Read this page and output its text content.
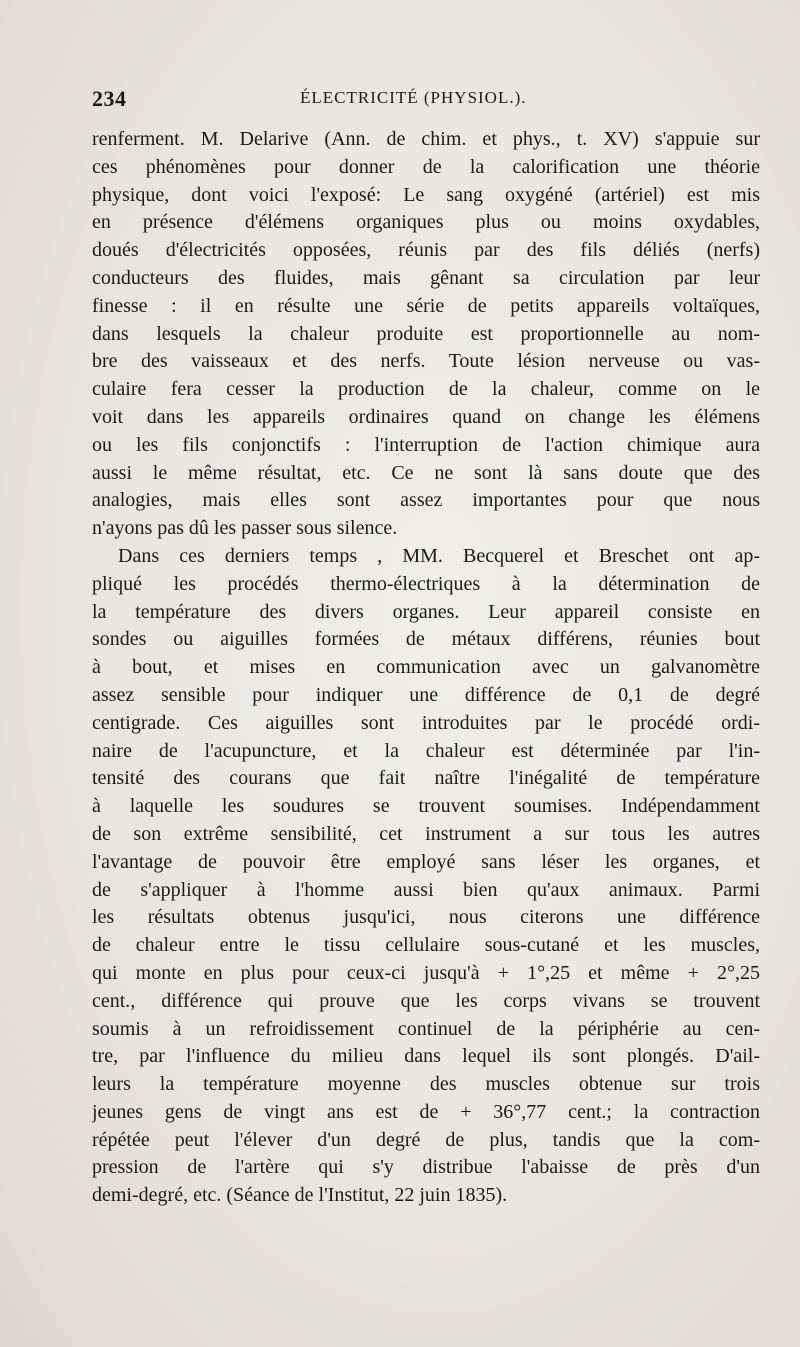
234	ÉLECTRICITÉ (PHYSIOL.).
renferment. M. Delarive (Ann. de chim. et phys., t. XV) s'appuie sur
ces phénomènes pour donner de la calorification une théorie
physique, dont voici l'exposé: Le sang oxygéné (artériel) est mis
en présence d'élémens organiques plus ou moins oxydables,
doués d'électricités opposées, réunis par des fils déliés (nerfs)
conducteurs des fluides, mais gênant sa circulation par leur
finesse : il en résulte une série de petits appareils voltaïques,
dans lesquels la chaleur produite est proportionnelle au nom-
bre des vaisseaux et des nerfs. Toute lésion nerveuse ou vas-
culaire fera cesser la production de la chaleur, comme on le
voit dans les appareils ordinaires quand on change les élémens
ou les fils conjonctifs : l'interruption de l'action chimique aura
aussi le même résultat, etc. Ce ne sont là sans doute que des
analogies, mais elles sont assez importantes pour que nous
n'ayons pas dû les passer sous silence.
Dans ces derniers temps , MM. Becquerel et Breschet ont ap-
pliqué les procédés thermo-électriques à la détermination de
la température des divers organes. Leur appareil consiste en
sondes ou aiguilles formées de métaux différens, réunies bout
à bout, et mises en communication avec un galvanomètre
assez sensible pour indiquer une différence de 0,1 de degré
centigrade. Ces aiguilles sont introduites par le procédé ordi-
naire de l'acupuncture, et la chaleur est déterminée par l'in-
tensité des courans que fait naître l'inégalité de température
à laquelle les soudures se trouvent soumises. Indépendamment
de son extrême sensibilité, cet instrument a sur tous les autres
l'avantage de pouvoir être employé sans léser les organes, et
de s'appliquer à l'homme aussi bien qu'aux animaux. Parmi
les résultats obtenus jusqu'ici, nous citerons une différence
de chaleur entre le tissu cellulaire sous-cutané et les muscles,
qui monte en plus pour ceux-ci jusqu'à + 1°,25 et même + 2°,25
cent., différence qui prouve que les corps vivans se trouvent
soumis à un refroidissement continuel de la périphérie au cen-
tre, par l'influence du milieu dans lequel ils sont plongés. D'ail-
leurs la température moyenne des muscles obtenue sur trois
jeunes gens de vingt ans est de + 36°,77 cent.; la contraction
répétée peut l'élever d'un degré de plus, tandis que la com-
pression de l'artère qui s'y distribue l'abaisse de près d'un
demi-degré, etc. (Séance de l'Institut, 22 juin 1835).
